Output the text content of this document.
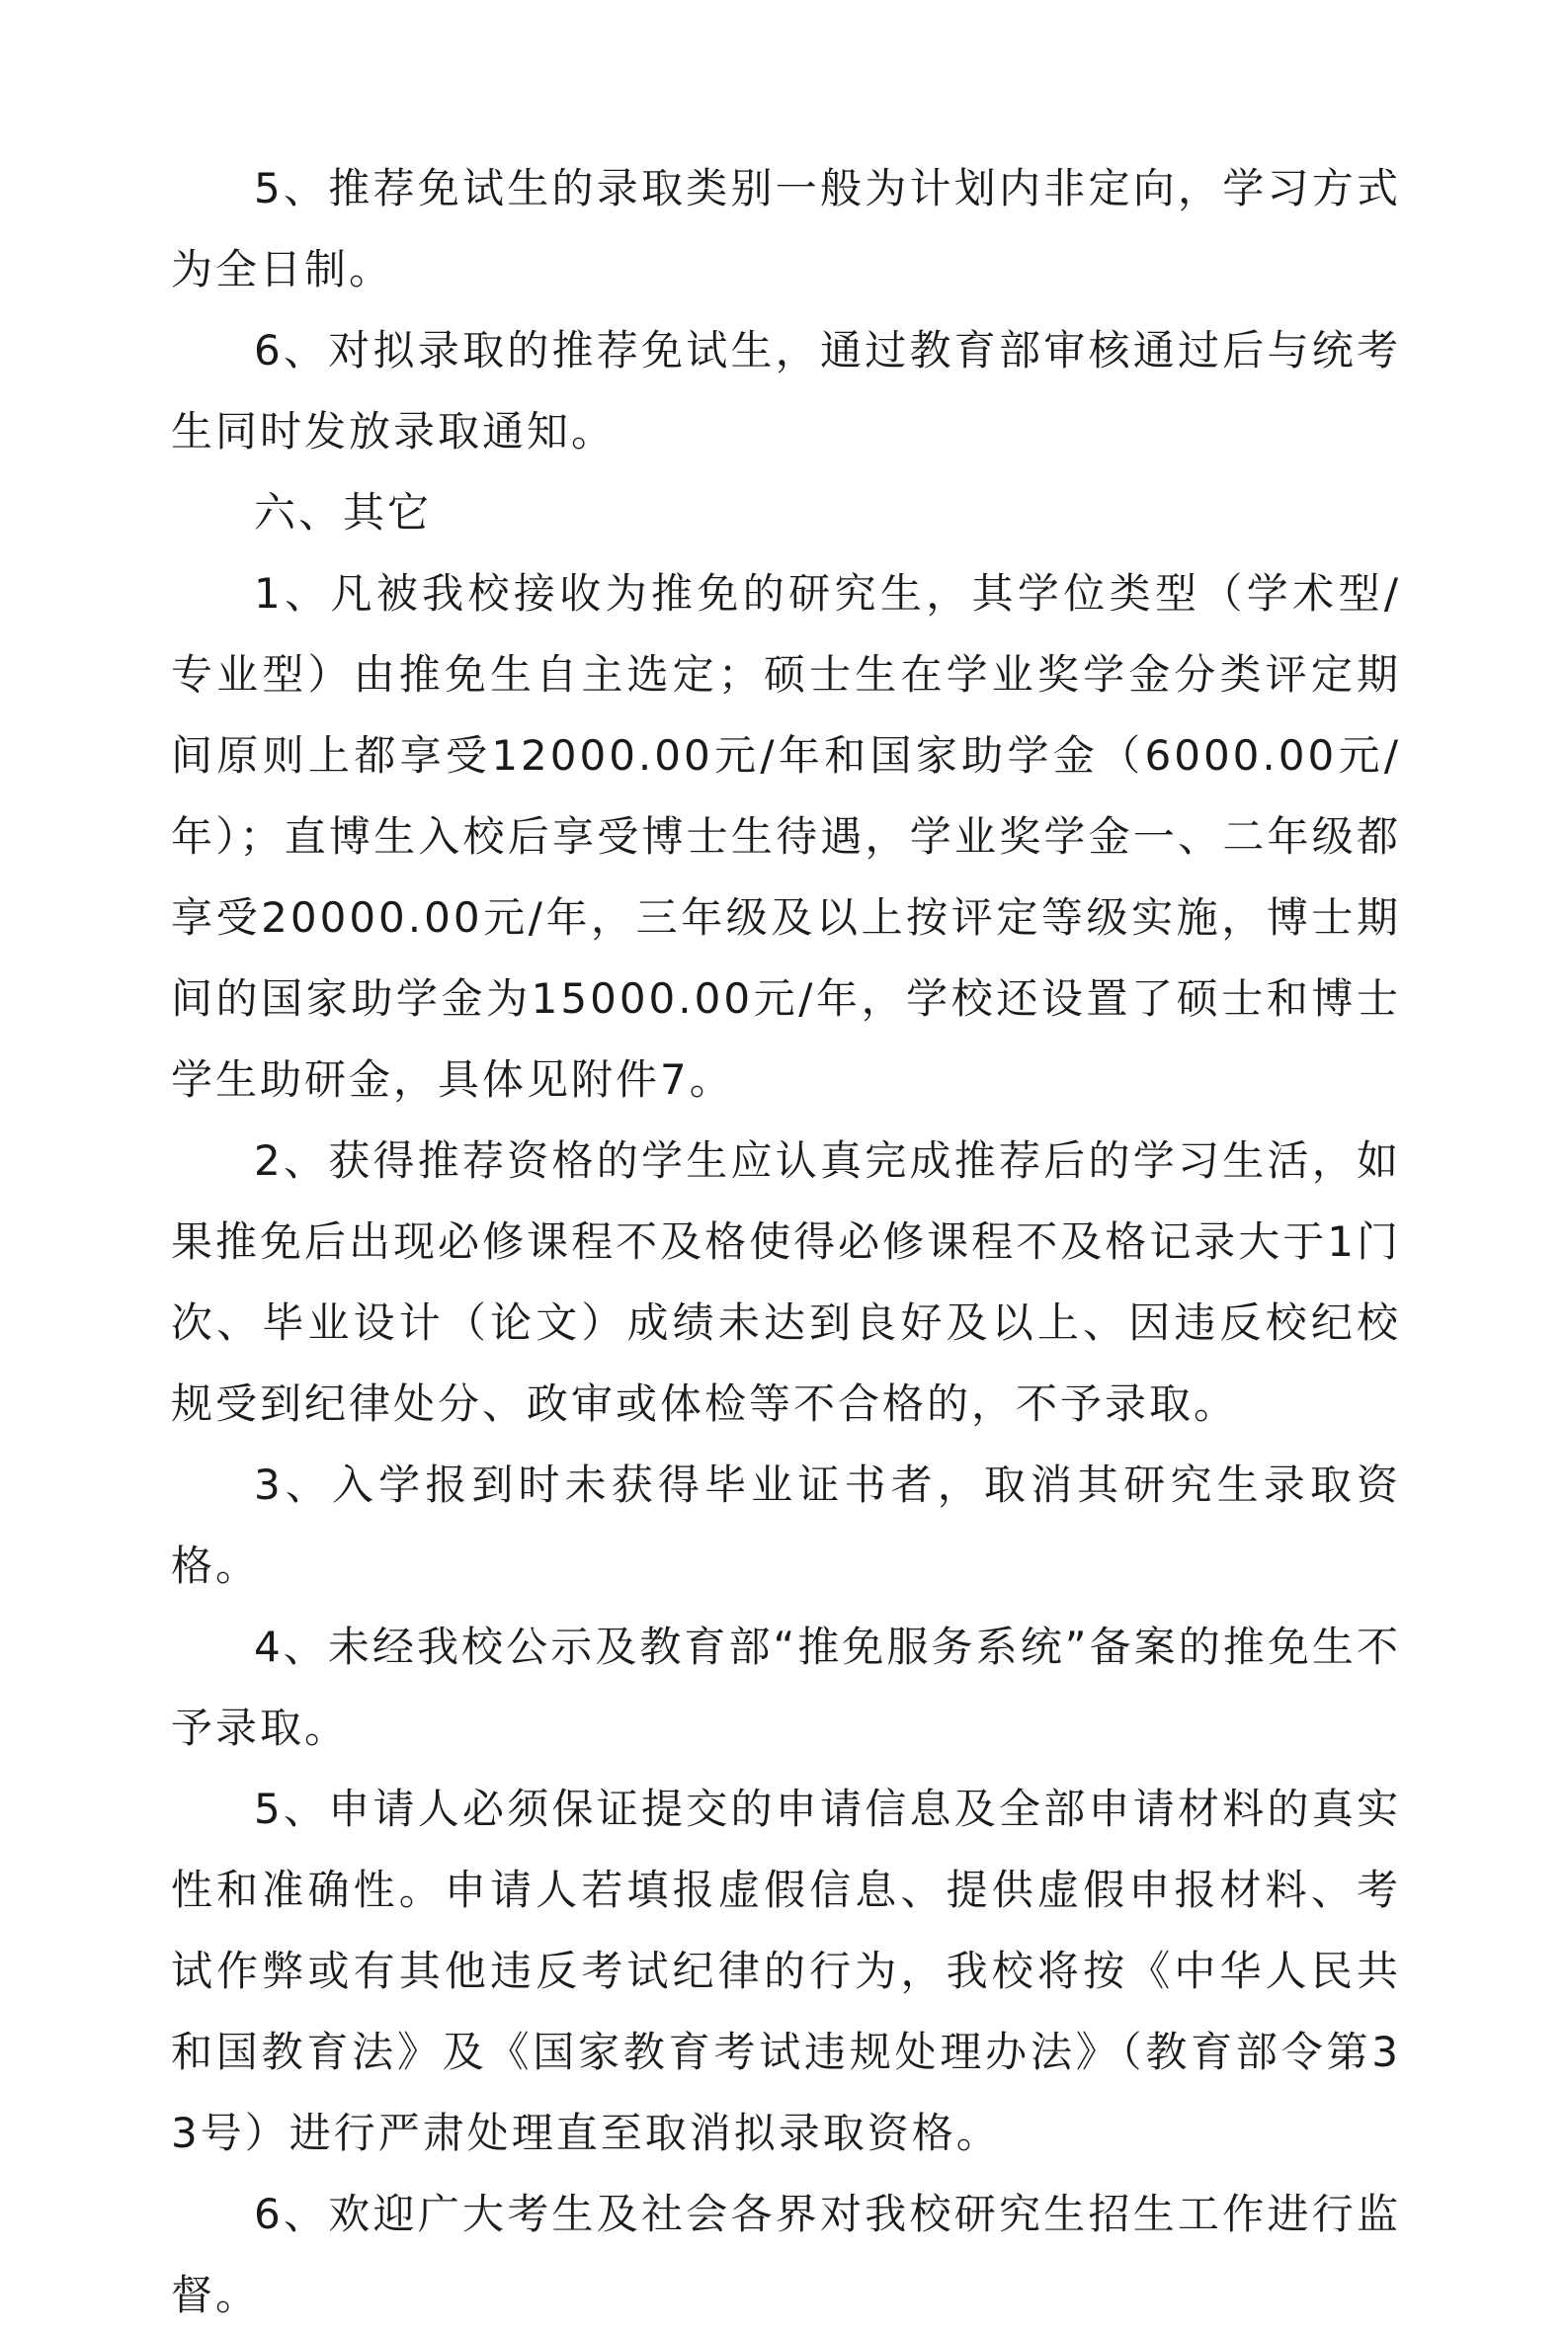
5、推荐免试生的录取类别一般为计划内非定向，学习方式为全日制。

6、对拟录取的推荐免试生，通过教育部审核通过后与统考生同时发放录取通知。

六、其它

1、凡被我校接收为推免的研究生，其学位类型（学术型/专业型）由推免生自主选定；硕士生在学业奖学金分类评定期间原则上都享受12000.00元/年和国家助学金（6000.00元/年）；直博生入校后享受博士生待遇，学业奖学金一、二年级都享受20000.00元/年，三年级及以上按评定等级实施，博士期间的国家助学金为15000.00元/年，学校还设置了硕士和博士学生助研金，具体见附件7。

2、获得推荐资格的学生应认真完成推荐后的学习生活，如果推免后出现必修课程不及格使得必修课程不及格记录大于1门次、毕业设计（论文）成绩未达到良好及以上、因违反校纪校规受到纪律处分、政审或体检等不合格的，不予录取。

3、入学报到时未获得毕业证书者，取消其研究生录取资格。

4、未经我校公示及教育部“推免服务系统”备案的推免生不予录取。

5、申请人必须保证提交的申请信息及全部申请材料的真实性和准确性。申请人若填报虚假信息、提供虚假申报材料、考试作弊或有其他违反考试纪律的行为，我校将按《中华人民共和国教育法》及《国家教育考试违规处理办法》（教育部令第33号）进行严肃处理直至取消拟录取资格。

6、欢迎广大考生及社会各界对我校研究生招生工作进行监督。
